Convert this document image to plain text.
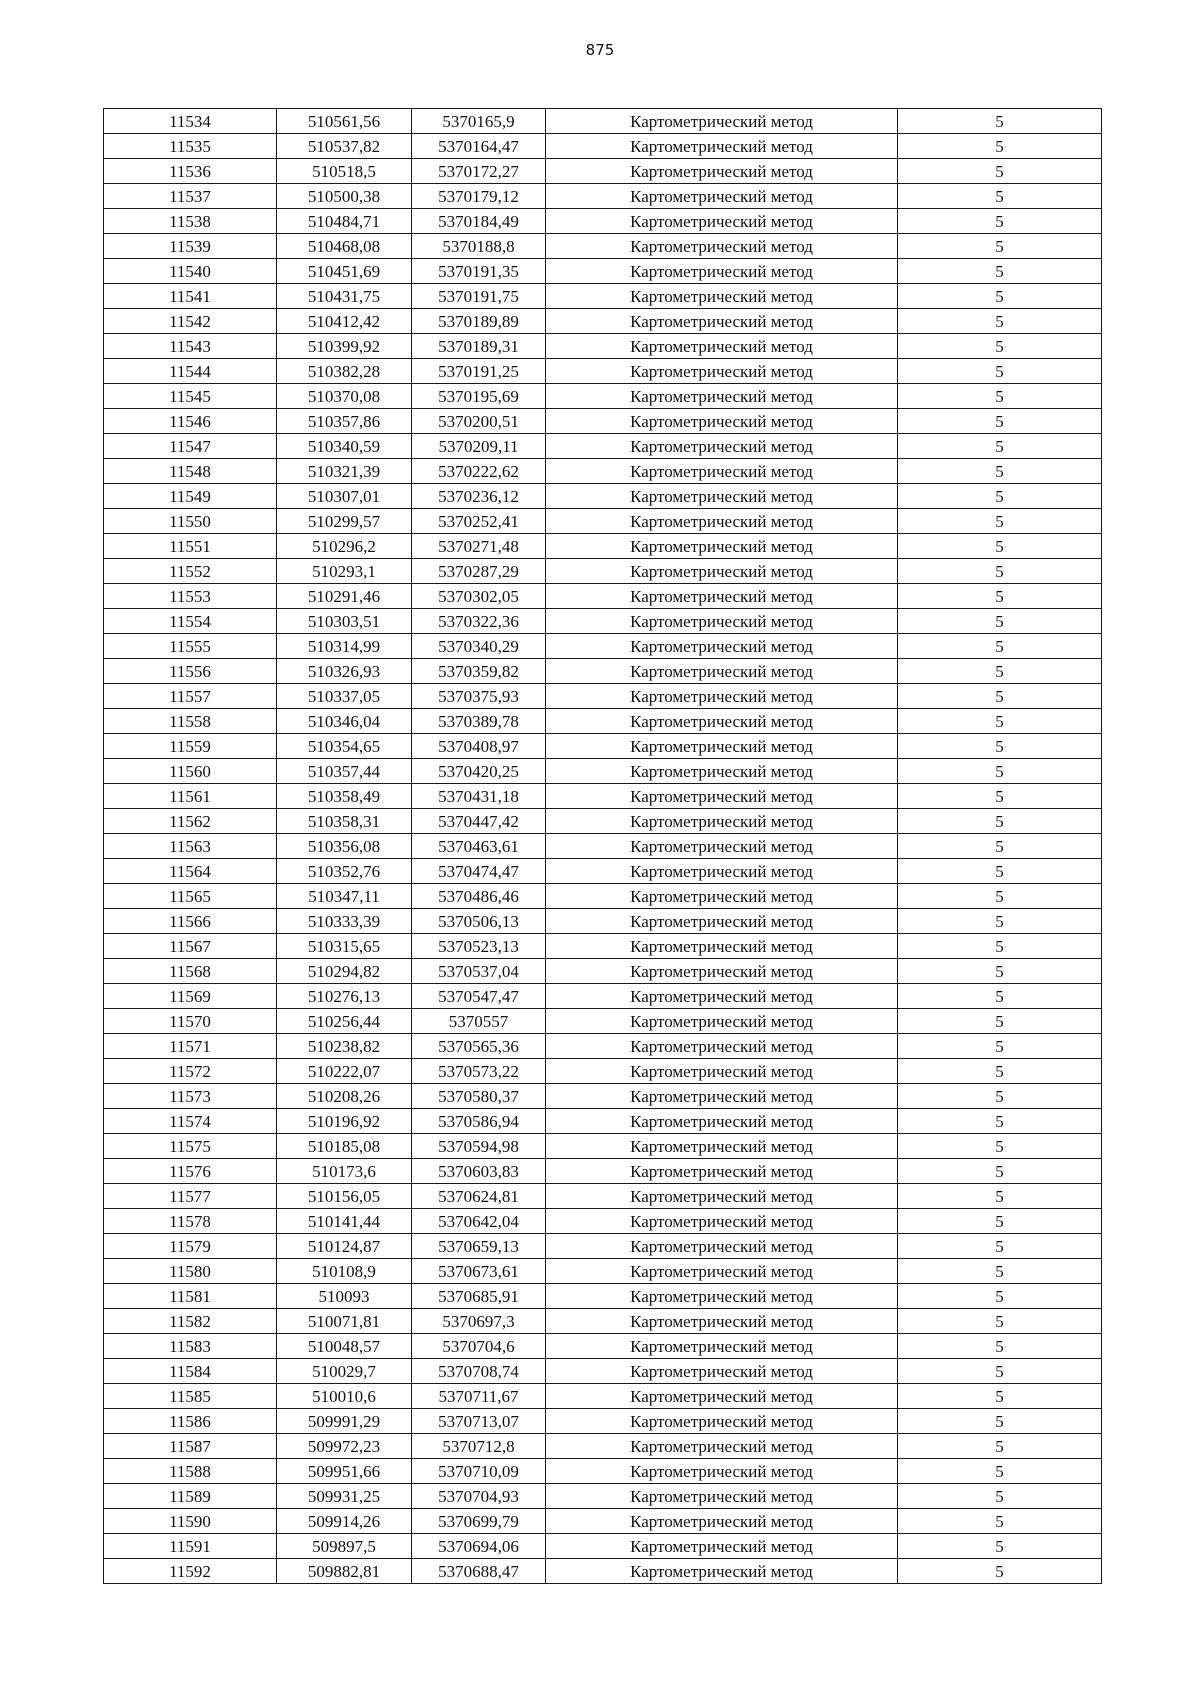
875
11534	510561,56	5370165,9	Картометрический метод	5
11535	510537,82	5370164,47	Картометрический метод	5
11536	510518,5	5370172,27	Картометрический метод	5
11537	510500,38	5370179,12	Картометрический метод	5
11538	510484,71	5370184,49	Картометрический метод	5
11539	510468,08	5370188,8	Картометрический метод	5
11540	510451,69	5370191,35	Картометрический метод	5
11541	510431,75	5370191,75	Картометрический метод	5
11542	510412,42	5370189,89	Картометрический метод	5
11543	510399,92	5370189,31	Картометрический метод	5
11544	510382,28	5370191,25	Картометрический метод	5
11545	510370,08	5370195,69	Картометрический метод	5
11546	510357,86	5370200,51	Картометрический метод	5
11547	510340,59	5370209,11	Картометрический метод	5
11548	510321,39	5370222,62	Картометрический метод	5
11549	510307,01	5370236,12	Картометрический метод	5
11550	510299,57	5370252,41	Картометрический метод	5
11551	510296,2	5370271,48	Картометрический метод	5
11552	510293,1	5370287,29	Картометрический метод	5
11553	510291,46	5370302,05	Картометрический метод	5
11554	510303,51	5370322,36	Картометрический метод	5
11555	510314,99	5370340,29	Картометрический метод	5
11556	510326,93	5370359,82	Картометрический метод	5
11557	510337,05	5370375,93	Картометрический метод	5
11558	510346,04	5370389,78	Картометрический метод	5
11559	510354,65	5370408,97	Картометрический метод	5
11560	510357,44	5370420,25	Картометрический метод	5
11561	510358,49	5370431,18	Картометрический метод	5
11562	510358,31	5370447,42	Картометрический метод	5
11563	510356,08	5370463,61	Картометрический метод	5
11564	510352,76	5370474,47	Картометрический метод	5
11565	510347,11	5370486,46	Картометрический метод	5
11566	510333,39	5370506,13	Картометрический метод	5
11567	510315,65	5370523,13	Картометрический метод	5
11568	510294,82	5370537,04	Картометрический метод	5
11569	510276,13	5370547,47	Картометрический метод	5
11570	510256,44	5370557	Картометрический метод	5
11571	510238,82	5370565,36	Картометрический метод	5
11572	510222,07	5370573,22	Картометрический метод	5
11573	510208,26	5370580,37	Картометрический метод	5
11574	510196,92	5370586,94	Картометрический метод	5
11575	510185,08	5370594,98	Картометрический метод	5
11576	510173,6	5370603,83	Картометрический метод	5
11577	510156,05	5370624,81	Картометрический метод	5
11578	510141,44	5370642,04	Картометрический метод	5
11579	510124,87	5370659,13	Картометрический метод	5
11580	510108,9	5370673,61	Картометрический метод	5
11581	510093	5370685,91	Картометрический метод	5
11582	510071,81	5370697,3	Картометрический метод	5
11583	510048,57	5370704,6	Картометрический метод	5
11584	510029,7	5370708,74	Картометрический метод	5
11585	510010,6	5370711,67	Картометрический метод	5
11586	509991,29	5370713,07	Картометрический метод	5
11587	509972,23	5370712,8	Картометрический метод	5
11588	509951,66	5370710,09	Картометрический метод	5
11589	509931,25	5370704,93	Картометрический метод	5
11590	509914,26	5370699,79	Картометрический метод	5
11591	509897,5	5370694,06	Картометрический метод	5
11592	509882,81	5370688,47	Картометрический метод	5
